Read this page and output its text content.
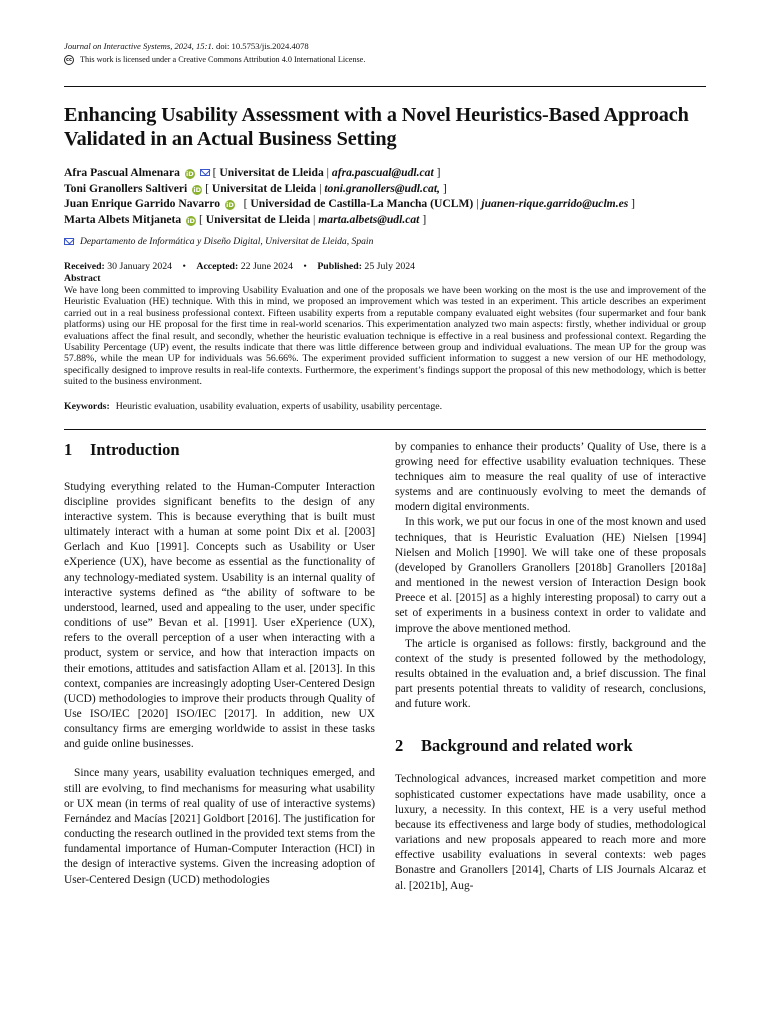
Journal on Interactive Systems, 2024, 15:1. doi: 10.5753/jis.2024.4078
cc This work is licensed under a Creative Commons Attribution 4.0 International License.
Enhancing Usability Assessment with a Novel Heuristics-Based Approach Validated in an Actual Business Setting
Afra Pascual Almenara iD [ Universitat de Lleida | afra.pascual@udl.cat ]
Toni Granollers Saltiveri iD [ Universitat de Lleida | toni.granollers@udl.cat, ]
Juan Enrique Garrido Navarro iD [ Universidad de Castilla-La Mancha (UCLM) | juanen-rique.garrido@uclm.es ]
Marta Albets Mitjaneta iD [ Universitat de Lleida | marta.albets@udl.cat ]
Departamento de Informática y Diseño Digital, Universitat de Lleida, Spain
Received: 30 January 2024 • Accepted: 22 June 2024 • Published: 25 July 2024
Abstract
We have long been committed to improving Usability Evaluation and one of the proposals we have been working on the most is the use and improvement of the Heuristic Evaluation (HE) technique. With this in mind, we proposed an improvement which was tested in an experiment. This article describes an experiment carried out in a real business professional context. Fifteen usability experts from a reputable company evaluated eight websites (four supermarket and four bank platforms) using our HE proposal for the first time in real-world scenarios. This experimentation analyzed two main aspects: firstly, whether individual or group evaluations affect the final result, and secondly, whether the heuristic evaluation technique is effective in a real business and professional context. Regarding the Usability Percentage (UP) event, the results indicate that there was little difference between group and individual evaluations. The mean UP for the group was 57.88%, while the mean UP for individuals was 56.66%. The experiment provided sufficient information to suggest a new version of our HE methodology, specifically designed to improve results in real-life contexts. Furthermore, the experiment’s findings support the proposal of this new methodology, which is better suited to the business environment.
Keywords: Heuristic evaluation, usability evaluation, experts of usability, usability percentage.
1 Introduction

Studying everything related to the Human-Computer Interaction discipline provides significant benefits to the design of any interactive system. This is because everything that is built must ultimately interact with a human at some point Dix et al. [2003] Gerlach and Kuo [1991]. Concepts such as Usability or User eXperience (UX), have become as essential as the functionality of any technology-mediated system. Usability is an internal quality of interactive systems defined as “the ability of software to be understood, learned, used and appealing to the user, under specific conditions of use” Bevan et al. [1991]. User eXperience (UX), refers to the overall perception of a user when interacting with a product, system or service, and how that interaction impacts on their emotions, attitudes and satisfaction Allam et al. [2013]. In this context, companies are increasingly adopting User-Centered Design (UCD) methodologies to improve their products through Quality of Use ISO/IEC [2020] ISO/IEC [2017]. In addition, new UX consultancy firms are emerging worldwide to assist in these tasks and guide online businesses.

Since many years, usability evaluation techniques emerged, and still are evolving, to find mechanisms for measuring what usability or UX mean (in terms of real quality of use of interactive systems) Fernández and Macías [2021] Goldbort [2016]. The justification for conducting the research outlined in the provided text stems from the fundamental importance of Human-Computer Interaction (HCI) in the design of interactive systems. Given the increasing adoption of User-Centered Design (UCD) methodologies

by companies to enhance their products’ Quality of Use, there is a growing need for effective usability evaluation techniques. These techniques aim to measure the real quality of use of interactive systems and are continuously evolving to meet the demands of modern digital environments.

In this work, we put our focus in one of the most known and used techniques, that is Heuristic Evaluation (HE) Nielsen [1994] Nielsen and Molich [1990]. We will take one of these proposals (developed by Granollers Granollers [2018b] Granollers [2018a] and mentioned in the newest version of Interaction Design book Preece et al. [2015] as a highly interesting proposal) to carry out a set of experiments in a business context in order to validate and improve the above mentioned method.

The article is organised as follows: firstly, background and the context of the study is presented followed by the methodology, results obtained in the evaluation and, a brief discussion. The final part presents potential threats to validity of research, conclusions, and future work.

2 Background and related work

Technological advances, increased market competition and more sophisticated customer expectations have made usability, once a luxury, a necessity. In this context, HE is a very useful method because its effectiveness and large body of studies, methodological variations and new proposals appeared to reach more and more effective usability evaluations in several contexts: web pages Bonastre and Granollers [2014], Charts of LIS Journals Alcaraz et al. [2021b], Aug-
